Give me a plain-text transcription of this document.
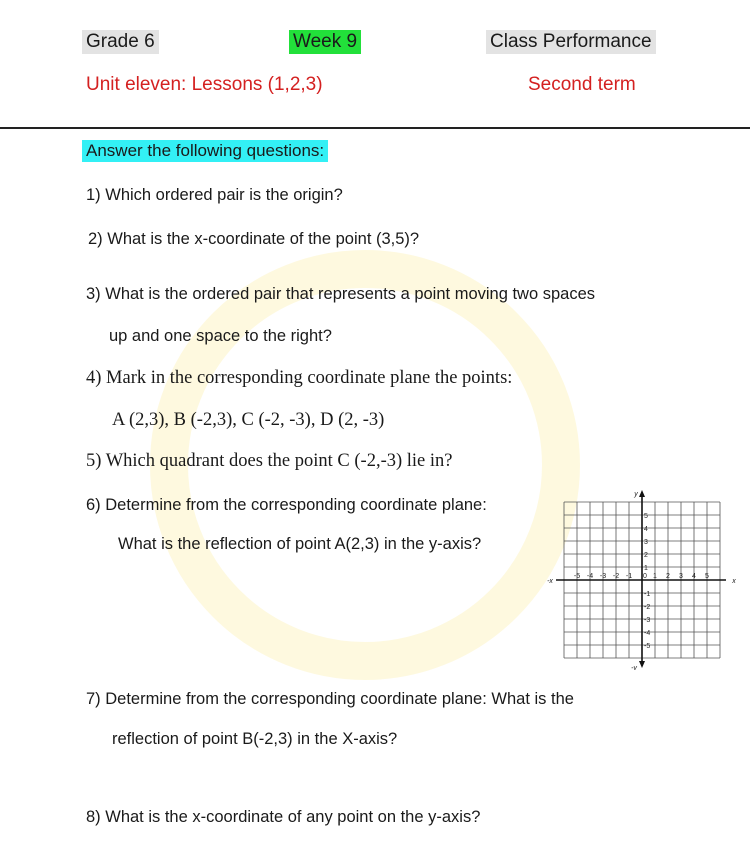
Grade 6	Week 9	Class Performance
Unit eleven: Lessons (1,2,3)	Second term
Answer the following questions:
1) Which ordered pair is the origin?
2) What is the x-coordinate of the point (3,5)?
3) What is the ordered pair that represents a point moving two spaces
up and one space to the right?
4) Mark in the corresponding coordinate plane the points:
A (2,3), B (-2,3), C (-2, -3), D (2, -3)
5) Which quadrant does the point C (-2,-3) lie in?
6) Determine from the corresponding coordinate plane:
What is the reflection of point A(2,3) in the y-axis?
7) Determine from the corresponding coordinate plane: What is the
reflection of point B(-2,3) in the X-axis?
8) What is the x-coordinate of any point on the y-axis?
-5 -4 -3 -2 -1 0 1 2 3 4 5
5
4
3
2
1
-1
-2
-3
-4
-5
x
-x
y
-y
